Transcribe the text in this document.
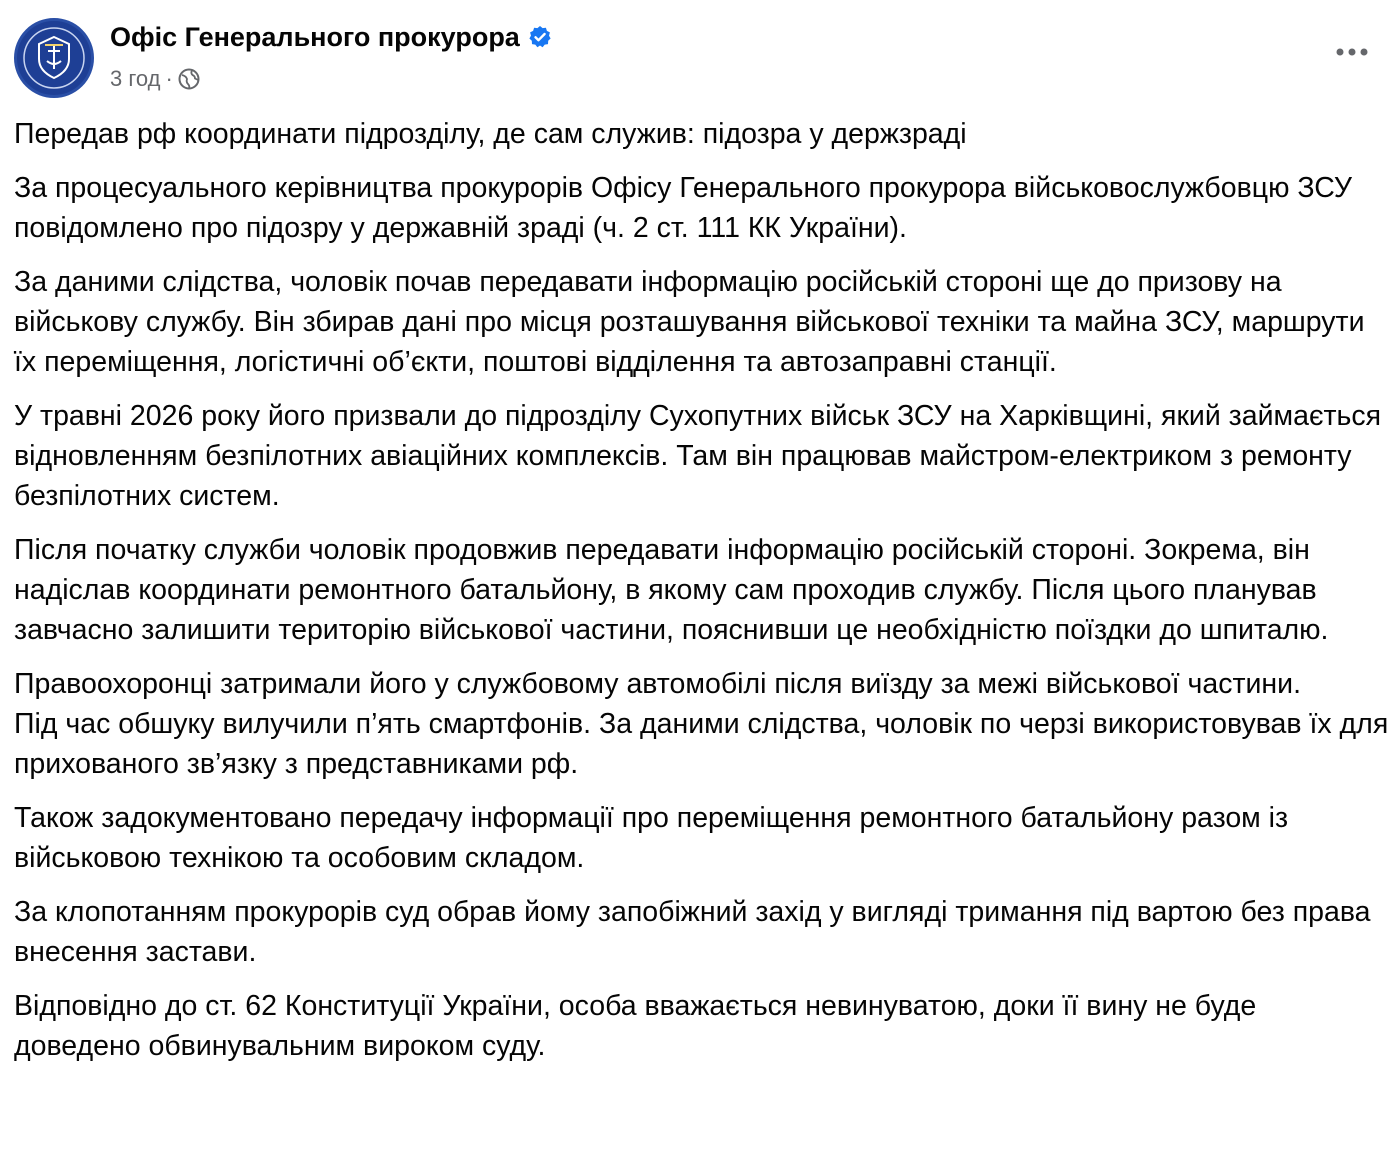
Офіс Генерального прокурора
3 год ·

Передав рф координати підрозділу, де сам служив: підозра у держзраді

За процесуального керівництва прокурорів Офісу Генерального прокурора військовослужбовцю ЗСУ повідомлено про підозру у державній зраді (ч. 2 ст. 111 КК України).

За даними слідства, чоловік почав передавати інформацію російській стороні ще до призову на військову службу. Він збирав дані про місця розташування військової техніки та майна ЗСУ, маршрути їх переміщення, логістичні об’єкти, поштові відділення та автозаправні станції.

У травні 2026 року його призвали до підрозділу Сухопутних військ ЗСУ на Харківщині, який займається відновленням безпілотних авіаційних комплексів. Там він працював майстром-електриком з ремонту безпілотних систем.

Після початку служби чоловік продовжив передавати інформацію російській стороні. Зокрема, він надіслав координати ремонтного батальйону, в якому сам проходив службу. Після цього планував завчасно залишити територію військової частини, пояснивши це необхідністю поїздки до шпиталю.

Правоохоронці затримали його у службовому автомобілі після виїзду за межі військової частини.

Під час обшуку вилучили п’ять смартфонів. За даними слідства, чоловік по черзі використовував їх для прихованого зв’язку з представниками рф.

Також задокументовано передачу інформації про переміщення ремонтного батальйону разом із військовою технікою та особовим складом.

За клопотанням прокурорів суд обрав йому запобіжний захід у вигляді тримання під вартою без права внесення застави.

Відповідно до ст. 62 Конституції України, особа вважається невинуватою, доки її вину не буде доведено обвинувальним вироком суду.
